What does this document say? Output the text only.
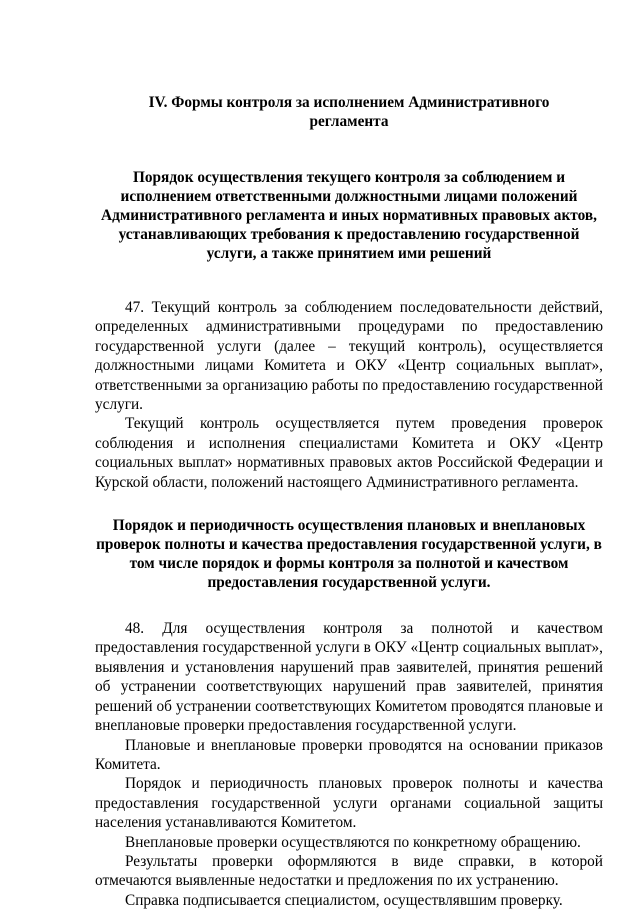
IV. Формы контроля за исполнением Административного регламента
Порядок осуществления текущего контроля за соблюдением и исполнением ответственными должностными лицами положений Административного регламента и иных нормативных правовых актов, устанавливающих требования к предоставлению государственной услуги, а также принятием ими решений

47. Текущий контроль за соблюдением последовательности действий, определенных административными процедурами по предоставлению государственной услуги (далее – текущий контроль), осуществляется должностными лицами Комитета и ОКУ «Центр социальных выплат», ответственными за организацию работы по предоставлению государственной услуги.

Текущий контроль осуществляется путем проведения проверок соблюдения и исполнения специалистами Комитета и ОКУ «Центр социальных выплат» нормативных правовых актов Российской Федерации и Курской области, положений настоящего Административного регламента.

Порядок и периодичность осуществления плановых и внеплановых проверок полноты и качества предоставления государственной услуги, в том числе порядок и формы контроля за полнотой и качеством предоставления государственной услуги.

48. Для осуществления контроля за полнотой и качеством предоставления государственной услуги в ОКУ «Центр социальных выплат», выявления и установления нарушений прав заявителей, принятия решений об устранении соответствующих нарушений прав заявителей, принятия решений об устранении соответствующих Комитетом проводятся плановые и внеплановые проверки предоставления государственной услуги.

Плановые и внеплановые проверки проводятся на основании приказов Комитета.

Порядок и периодичность плановых проверок полноты и качества предоставления государственной услуги органами социальной защиты населения устанавливаются Комитетом.

Внеплановые проверки осуществляются по конкретному обращению.

Результаты проверки оформляются в виде справки, в которой отмечаются выявленные недостатки и предложения по их устранению.

Справка подписывается специалистом, осуществлявшим проверку.
